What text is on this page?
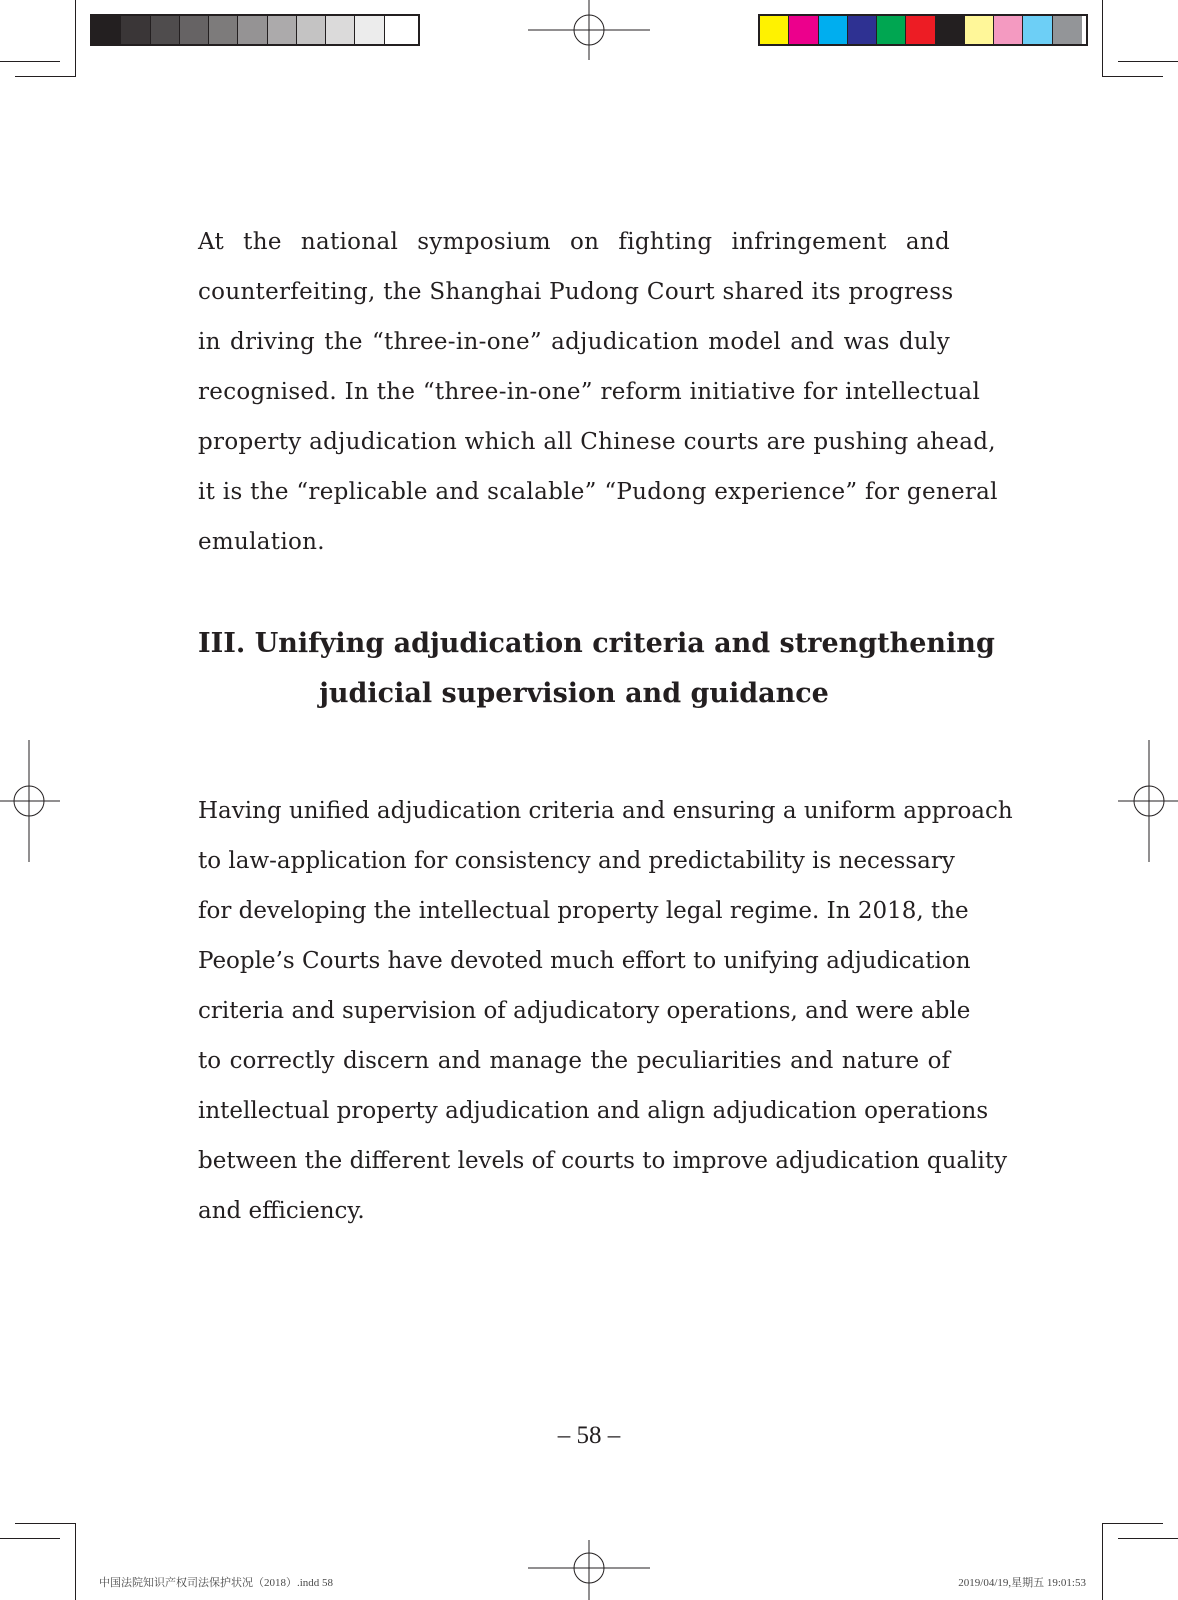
At the national symposium on fighting infringement and
counterfeiting, the Shanghai Pudong Court shared its progress
in driving the “three-in-one” adjudication model and was duly
recognised. In the “three-in-one” reform initiative for intellectual
property adjudication which all Chinese courts are pushing ahead,
it is the “replicable and scalable” “Pudong experience” for general
emulation.
III. Unifying adjudication criteria and strengthening
judicial supervision and guidance
Having unified adjudication criteria and ensuring a uniform approach
to law-application for consistency and predictability is necessary
for developing the intellectual property legal regime. In 2018, the
People’s Courts have devoted much effort to unifying adjudication
criteria and supervision of adjudicatory operations, and were able
to correctly discern and manage the peculiarities and nature of
intellectual property adjudication and align adjudication operations
between the different levels of courts to improve adjudication quality
and efficiency.
– 58 –
中国法院知识产权司法保护状况（2018）.indd 58	2019/04/19,星期五 19:01:53
